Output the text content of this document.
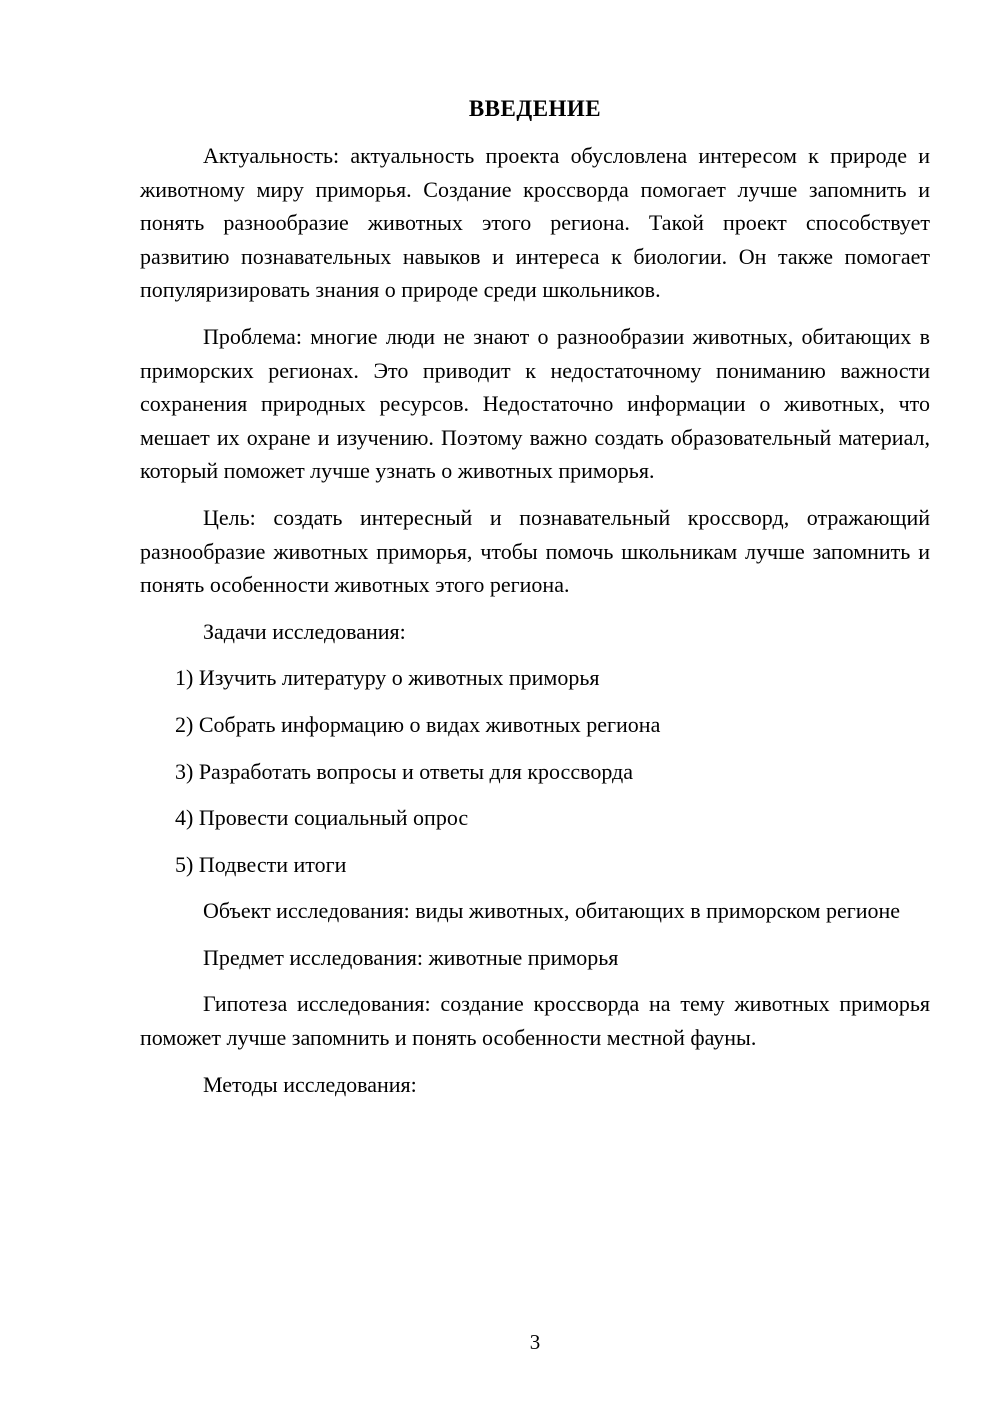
ВВЕДЕНИЕ

Актуальность: актуальность проекта обусловлена интересом к природе и животному миру приморья. Создание кроссворда помогает лучше запомнить и понять разнообразие животных этого региона. Такой проект способствует развитию познавательных навыков и интереса к биологии. Он также помогает популяризировать знания о природе среди школьников.

Проблема: многие люди не знают о разнообразии животных, обитающих в приморских регионах. Это приводит к недостаточному пониманию важности сохранения природных ресурсов. Недостаточно информации о животных, что мешает их охране и изучению. Поэтому важно создать образовательный материал, который поможет лучше узнать о животных приморья.

Цель: создать интересный и познавательный кроссворд, отражающий разнообразие животных приморья, чтобы помочь школьникам лучше запомнить и понять особенности животных этого региона.

Задачи исследования:

1) Изучить литературу о животных приморья

2) Собрать информацию о видах животных региона

3) Разработать вопросы и ответы для кроссворда

4) Провести социальный опрос

5) Подвести итоги

Объект исследования: виды животных, обитающих в приморском регионе

Предмет исследования: животные приморья

Гипотеза исследования: создание кроссворда на тему животных приморья поможет лучше запомнить и понять особенности местной фауны.

Методы исследования:

3
